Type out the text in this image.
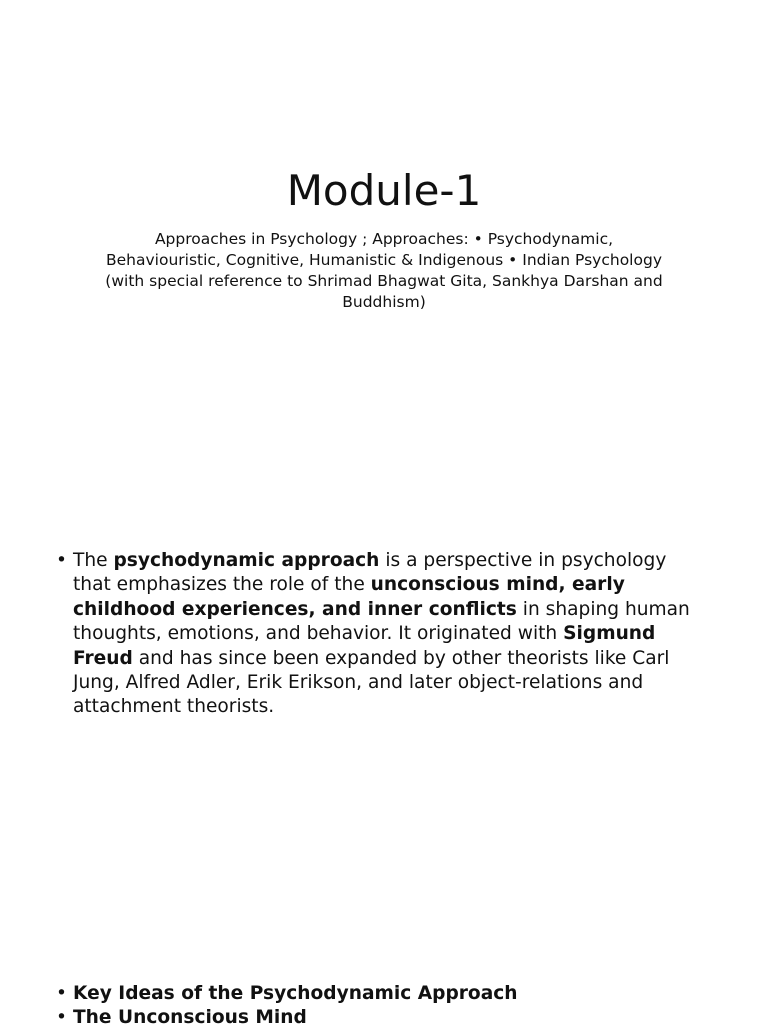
Module-1

Approaches in Psychology ; Approaches: • Psychodynamic, Behaviouristic, Cognitive, Humanistic & Indigenous • Indian Psychology (with special reference to Shrimad Bhagwat Gita, Sankhya Darshan and Buddhism)

• The psychodynamic approach is a perspective in psychology that emphasizes the role of the unconscious mind, early childhood experiences, and inner conflicts in shaping human thoughts, emotions, and behavior. It originated with Sigmund Freud and has since been expanded by other theorists like Carl Jung, Alfred Adler, Erik Erikson, and later object-relations and attachment theorists.
• Key Ideas of the Psychodynamic Approach
• The Unconscious Mind
